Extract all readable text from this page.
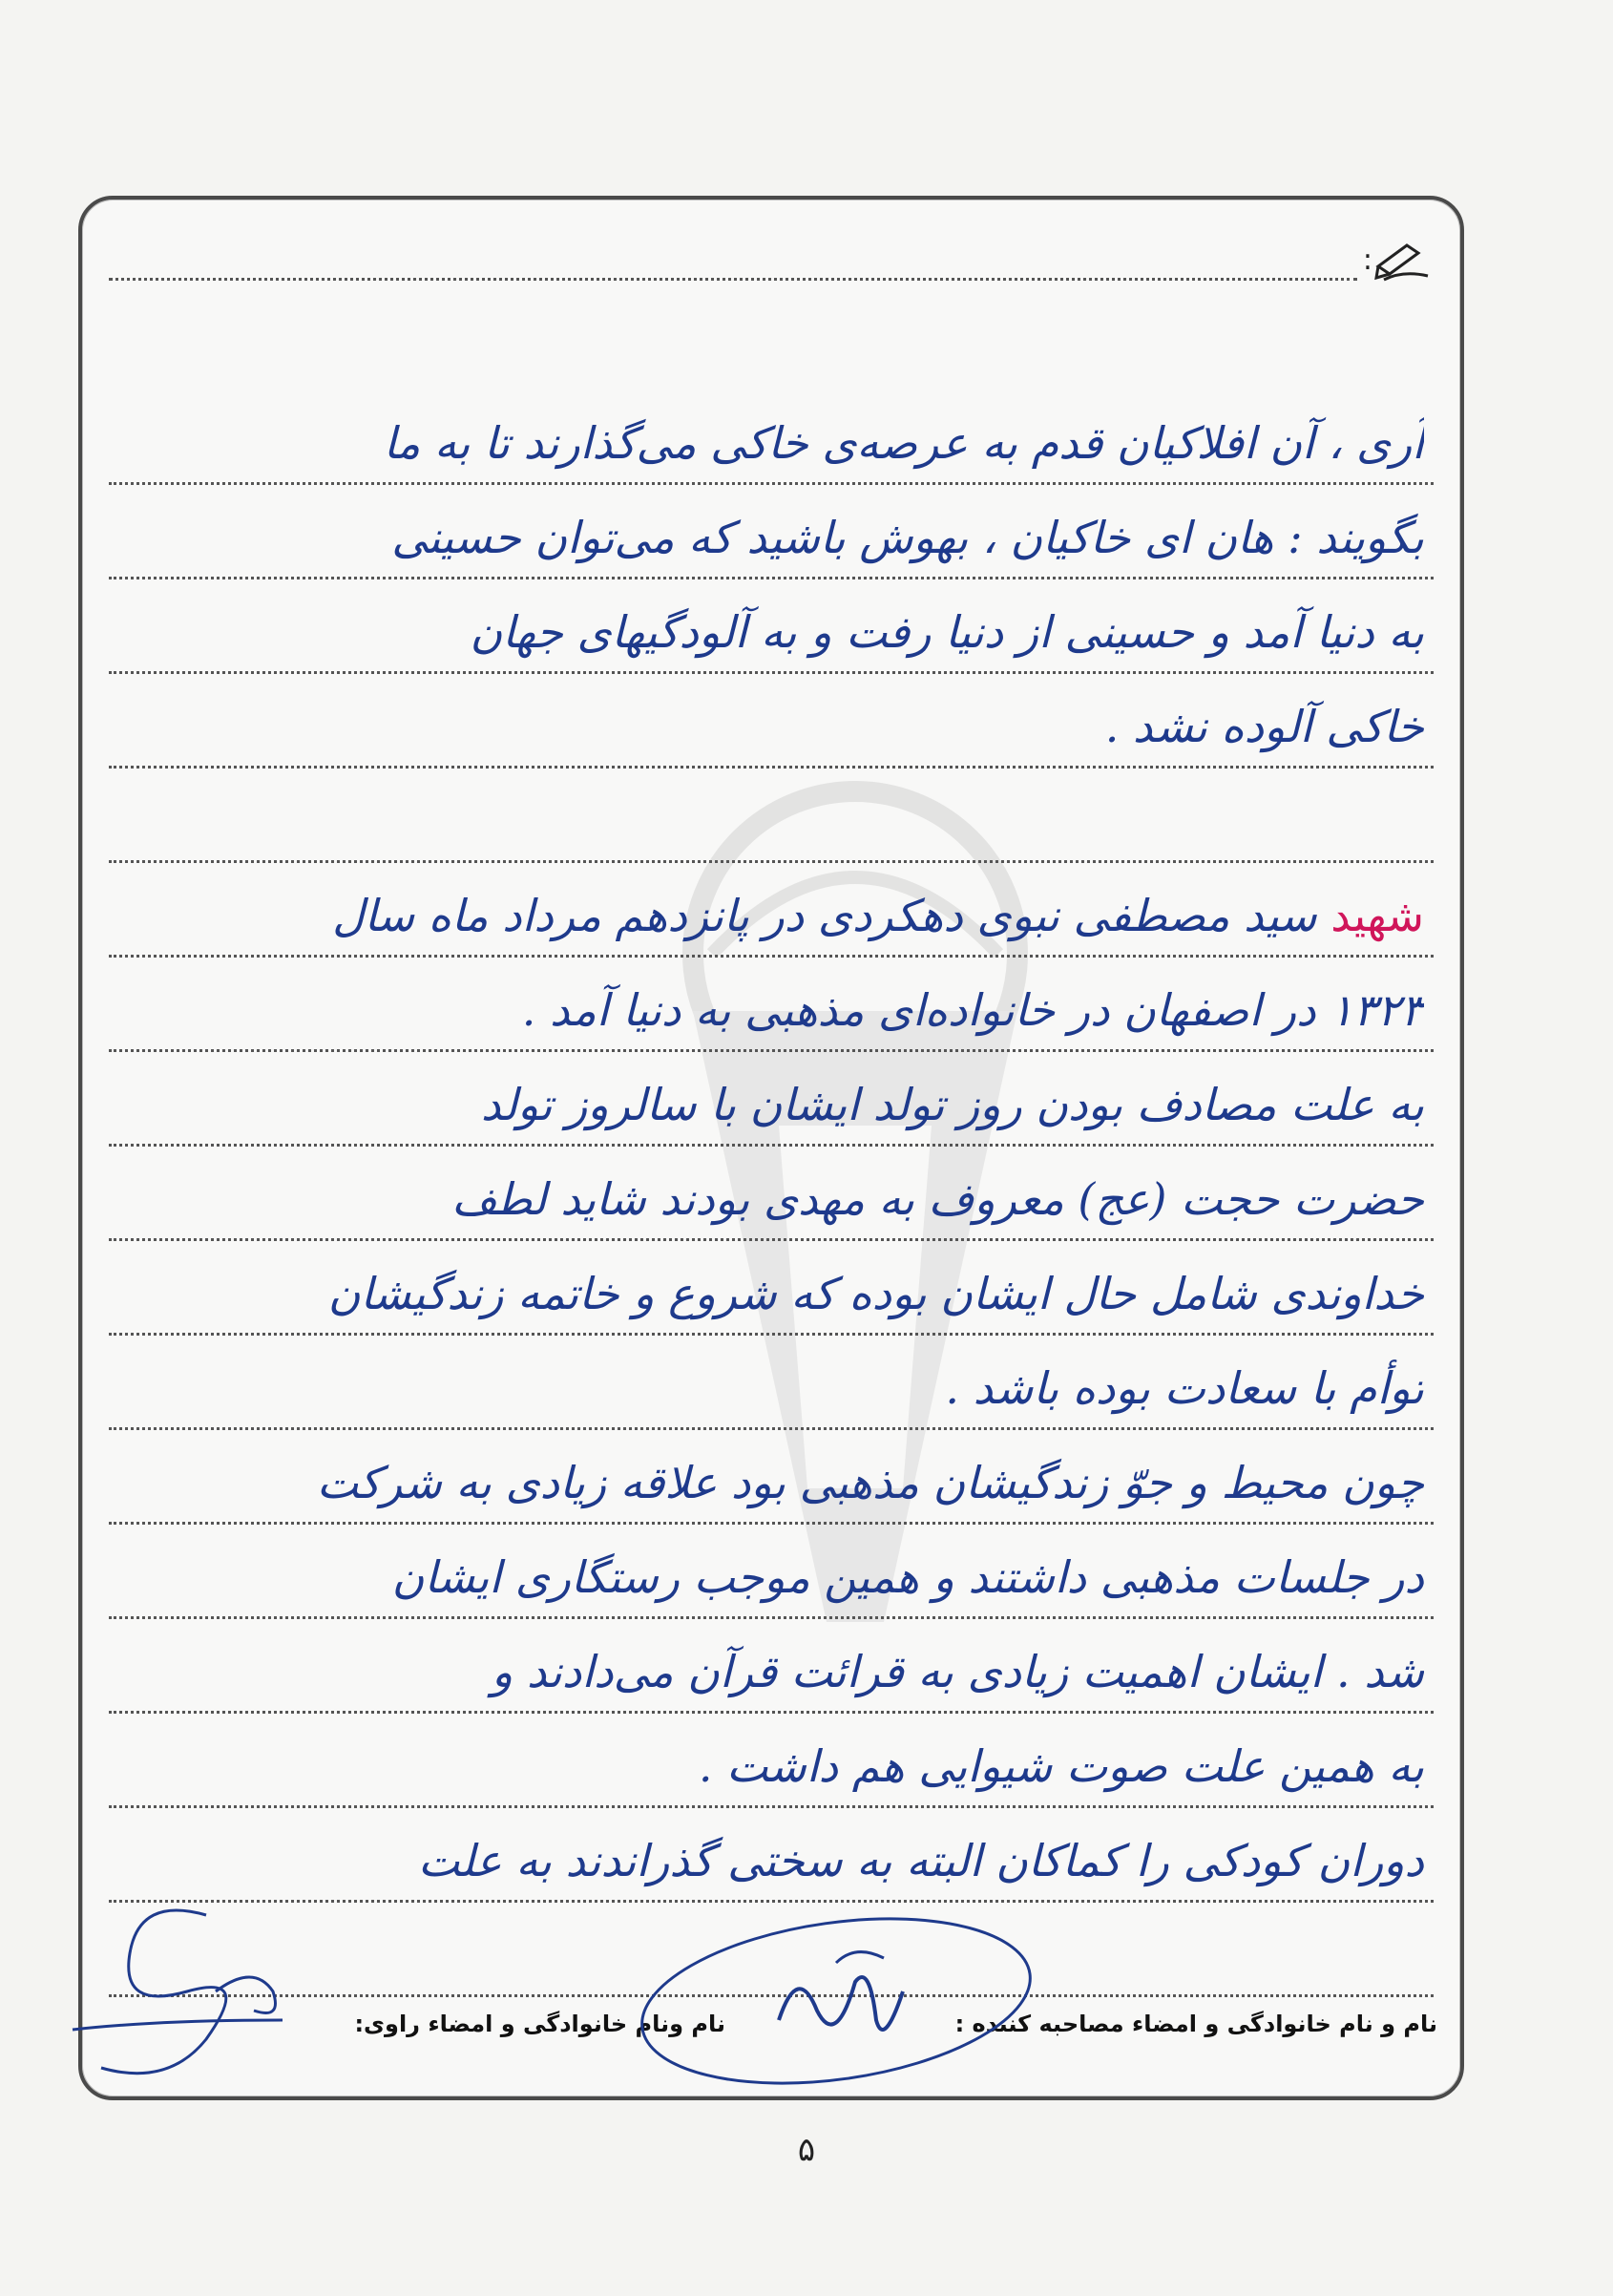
:
آری ، آن افلاکیان قدم به عرصه‌ی خاکی می‌گذارند تا به ما
بگویند : هان ای خاکیان ، بهوش باشید که می‌توان حسینی
به دنیا آمد و حسینی از دنیا رفت و به آلودگیهای جهان
خاکی آلوده نشد .
شهید سید مصطفی نبوی دهکردی در پانزدهم مرداد ماه سال
۱۳۲۳ در اصفهان در خانواده‌ای مذهبی به دنیا آمد .
به علت مصادف بودن روز تولد ایشان با سالروز تولد
حضرت حجت (عج) معروف به مهدی بودند شاید لطف
خداوندی شامل حال ایشان بوده که شروع و خاتمه زندگیشان
توأم با سعادت بوده باشد .
چون محیط و جوّ زندگیشان مذهبی بود علاقه زیادی به شرکت
در جلسات مذهبی داشتند و همین موجب رستگاری ایشان
شد . ایشان اهمیت زیادی به قرائت قرآن می‌دادند و
به همین علت صوت شیوایی هم داشت .
دوران کودکی را کماکان البته به سختی گذراندند به علت
نام و نام خانوادگی و امضاء مصاحبه کننده :
نام ونام خانوادگی و امضاء راوی:
۵
